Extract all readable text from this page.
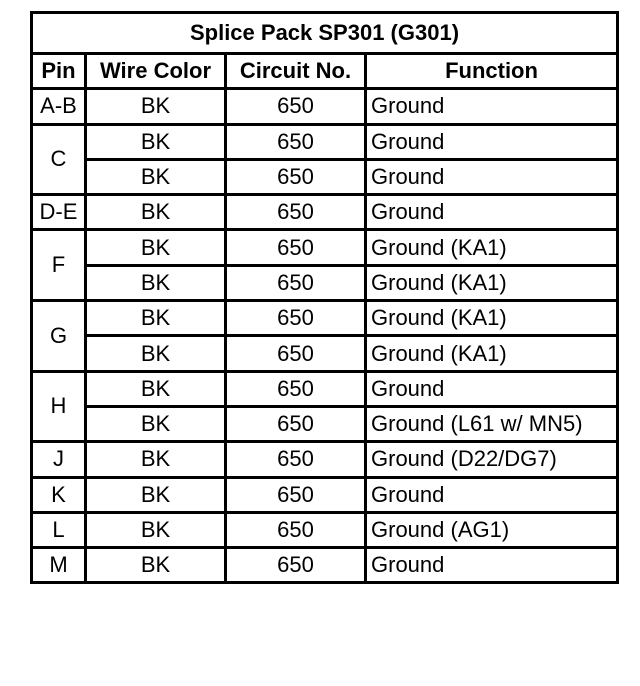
Splice Pack SP301 (G301)			
Pin	Wire Color	Circuit No.	Function
A-B	BK	650	Ground
C	BK	650	Ground
	BK	650	Ground
D-E	BK	650	Ground
F	BK	650	Ground (KA1)
	BK	650	Ground (KA1)
G	BK	650	Ground (KA1)
	BK	650	Ground (KA1)
H	BK	650	Ground
	BK	650	Ground (L61 w/ MN5)
J	BK	650	Ground (D22/DG7)
K	BK	650	Ground
L	BK	650	Ground (AG1)
M	BK	650	Ground
